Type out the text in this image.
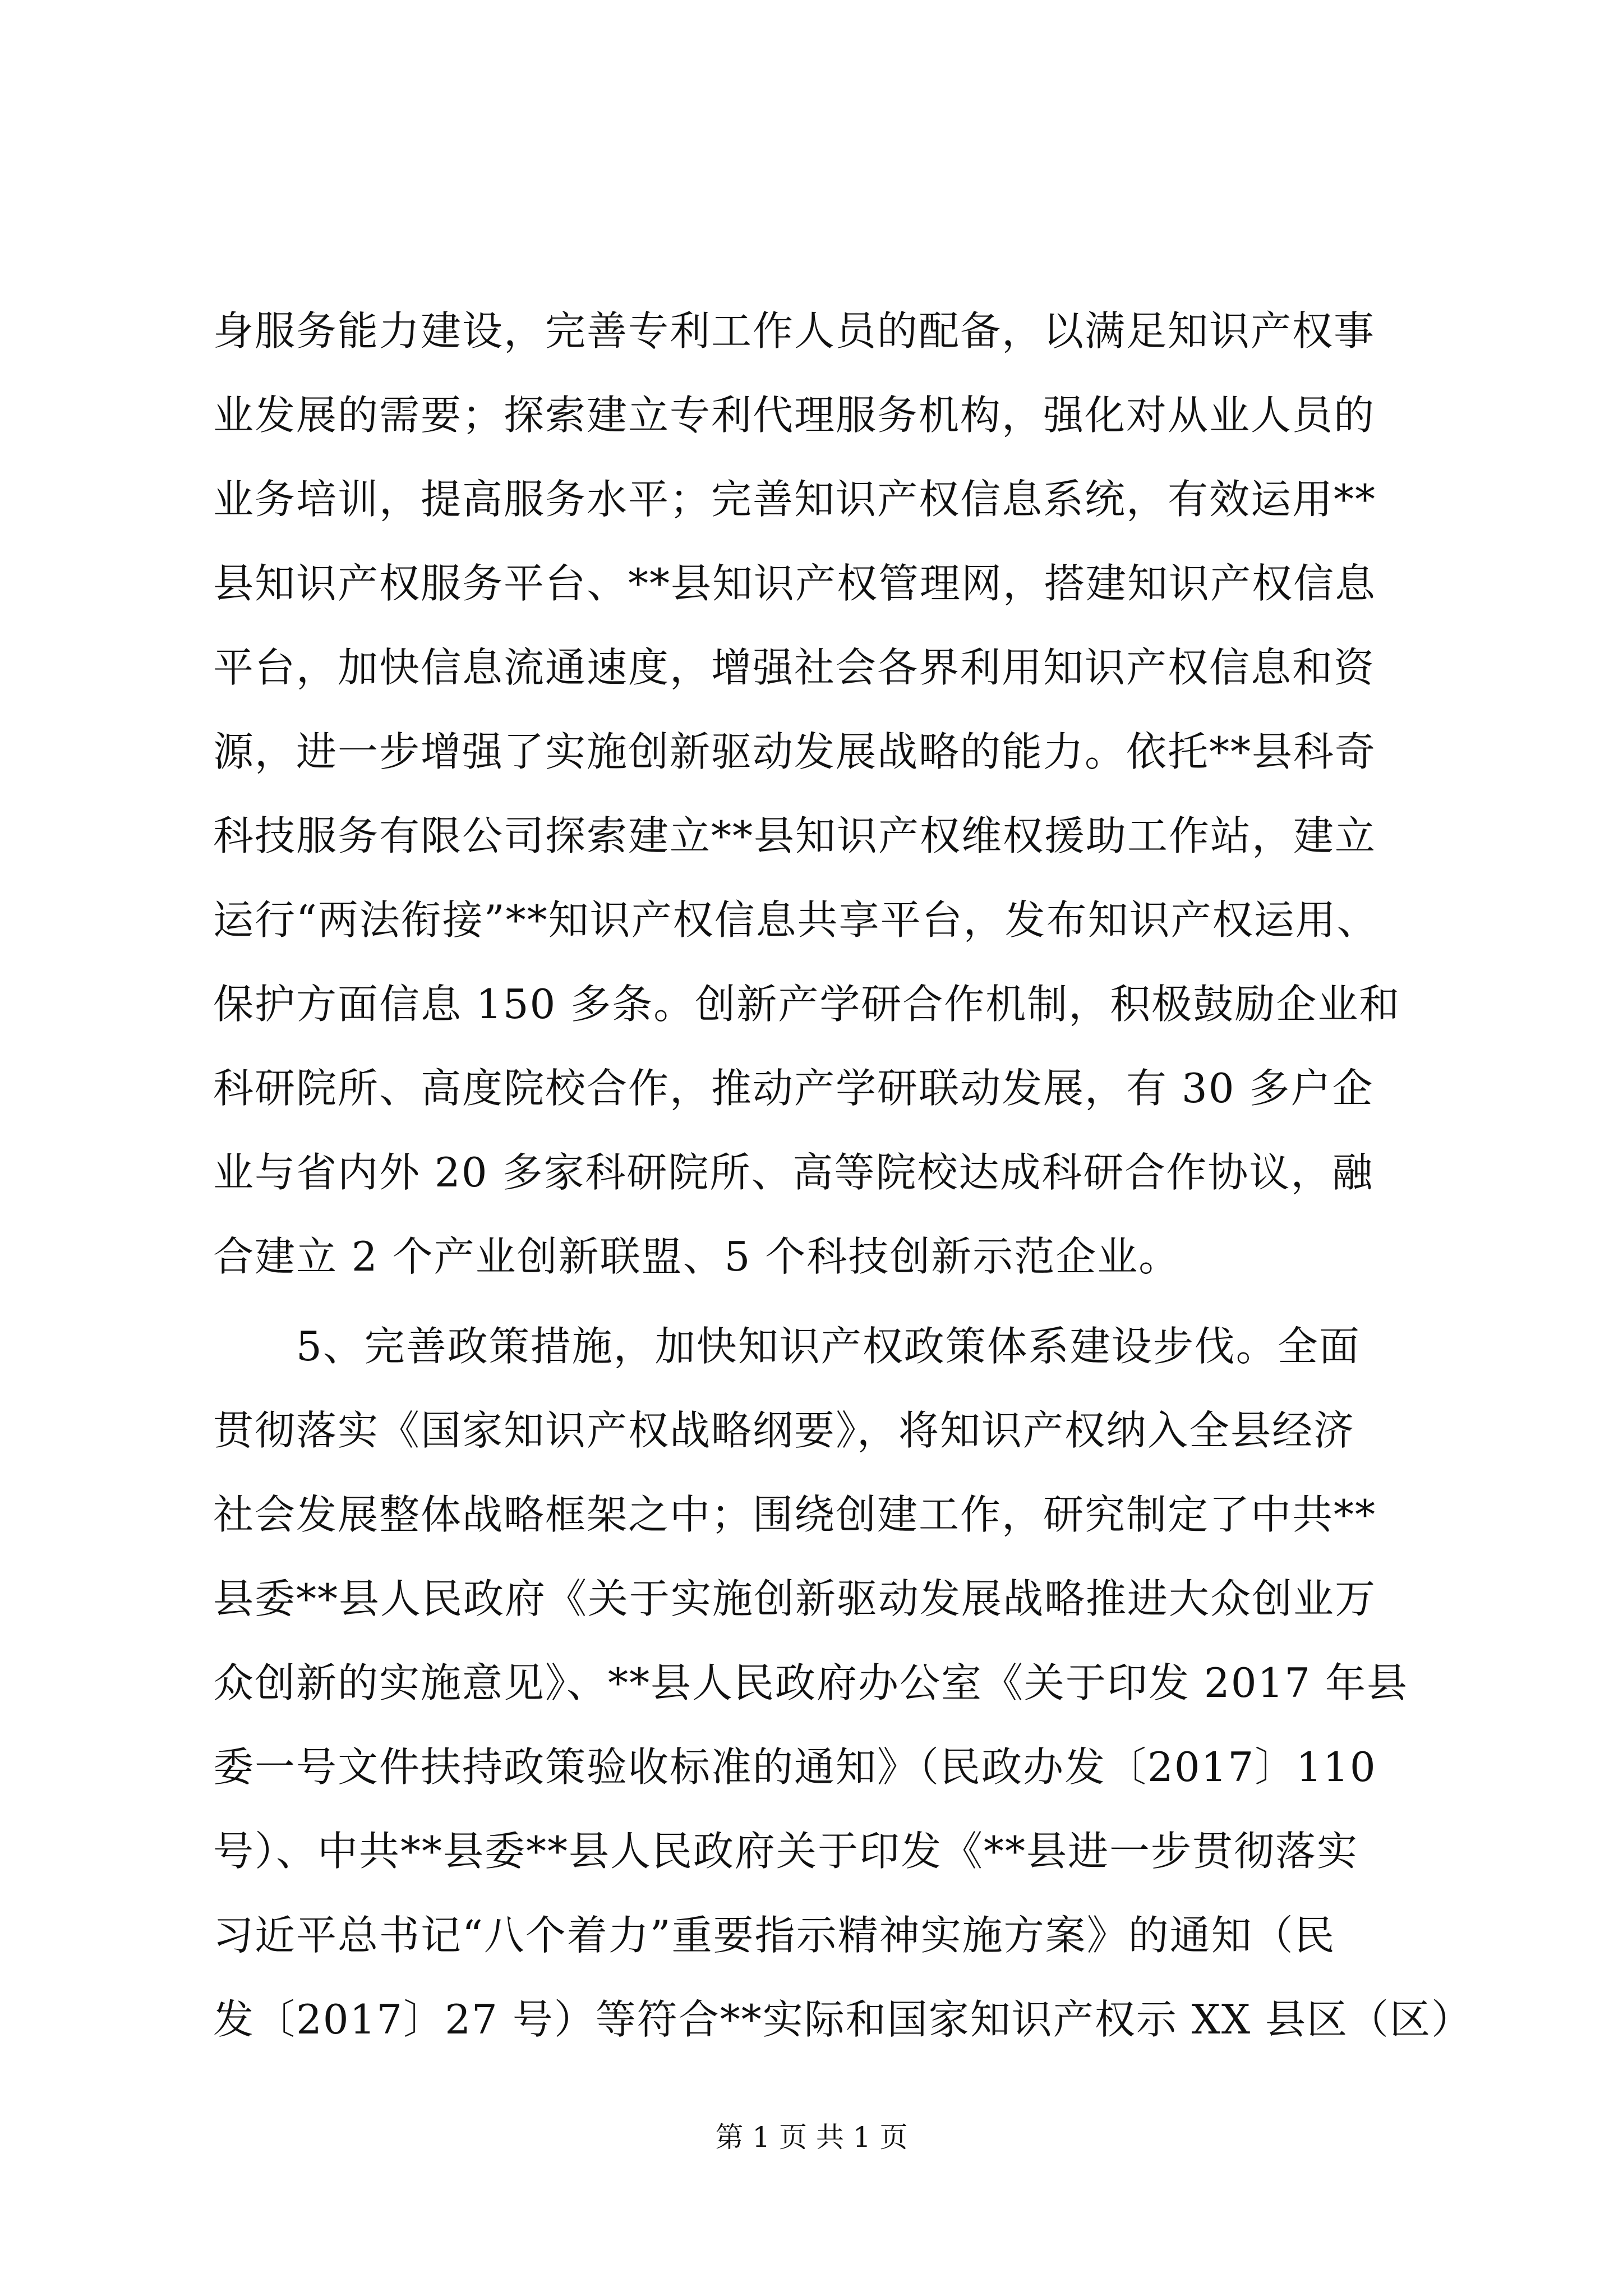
身服务能力建设，完善专利工作人员的配备，以满足知识产权事
业发展的需要；探索建立专利代理服务机构，强化对从业人员的
业务培训，提高服务水平；完善知识产权信息系统，有效运用**
县知识产权服务平台、**县知识产权管理网，搭建知识产权信息
平台，加快信息流通速度，增强社会各界利用知识产权信息和资
源，进一步增强了实施创新驱动发展战略的能力。依托**县科奇
科技服务有限公司探索建立**县知识产权维权援助工作站，建立
运行“两法衔接”**知识产权信息共享平台，发布知识产权运用、
保护方面信息 150 多条。创新产学研合作机制，积极鼓励企业和
科研院所、高度院校合作，推动产学研联动发展，有 30 多户企
业与省内外 20 多家科研院所、高等院校达成科研合作协议，融
合建立 2 个产业创新联盟、5 个科技创新示范企业。
　　5、完善政策措施，加快知识产权政策体系建设步伐。全面
贯彻落实《国家知识产权战略纲要》，将知识产权纳入全县经济
社会发展整体战略框架之中；围绕创建工作，研究制定了中共**
县委**县人民政府《关于实施创新驱动发展战略推进大众创业万
众创新的实施意见》、**县人民政府办公室《关于印发 2017 年县
委一号文件扶持政策验收标准的通知》（民政办发〔2017〕110
号）、中共**县委**县人民政府关于印发《**县进一步贯彻落实
习近平总书记“八个着力”重要指示精神实施方案》的通知（民
发〔2017〕27 号）等符合**实际和国家知识产权示 XX 县区（区）
第 1 页 共 1 页
